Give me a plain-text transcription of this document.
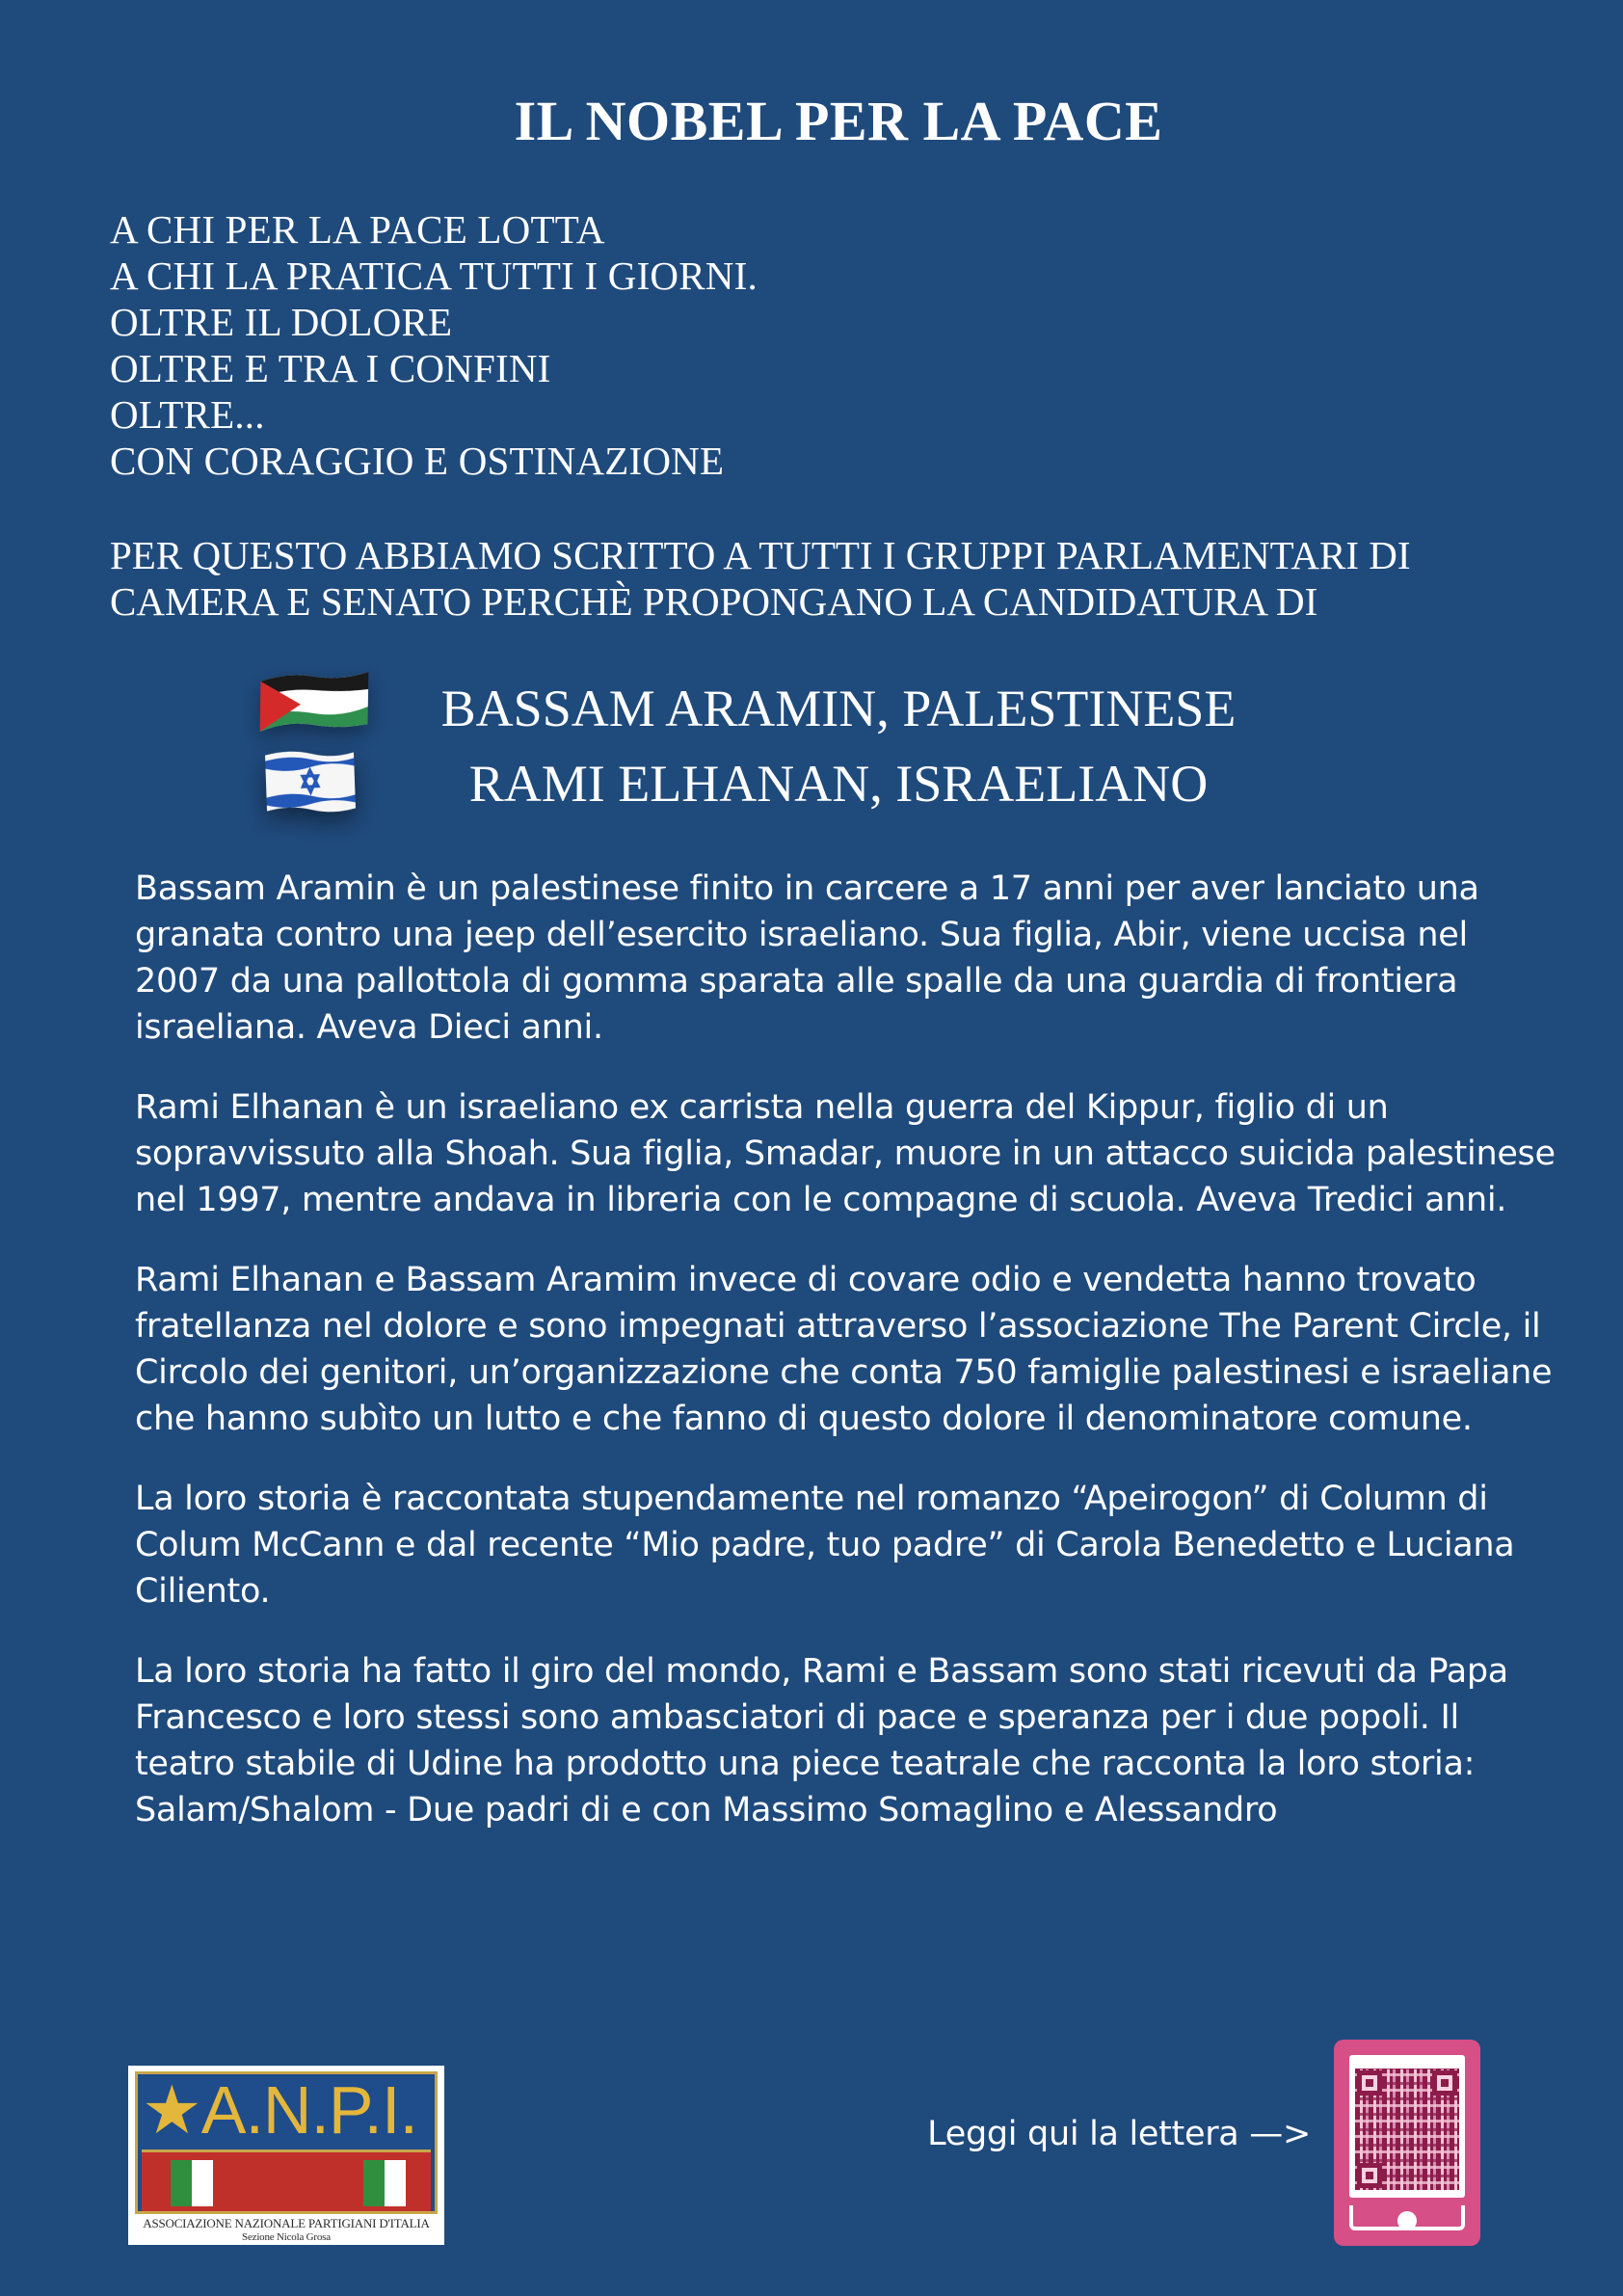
IL NOBEL PER LA PACE
A CHI PER LA PACE LOTTA
A CHI LA PRATICA TUTTI I GIORNI.
OLTRE IL DOLORE
OLTRE E TRA I CONFINI
OLTRE...
CON CORAGGIO E OSTINAZIONE
PER QUESTO ABBIAMO SCRITTO A TUTTI I GRUPPI PARLAMENTARI DI
CAMERA E SENATO PERCHÈ PROPONGANO LA CANDIDATURA DI
BASSAM ARAMIN, PALESTINESE
RAMI ELHANAN, ISRAELIANO

Bassam Aramin è un palestinese finito in carcere a 17 anni per aver lanciato una granata contro una jeep dell’esercito israeliano. Sua figlia, Abir, viene uccisa nel 2007 da una pallottola di gomma sparata alle spalle da una guardia di frontiera israeliana. Aveva Dieci anni.

Rami Elhanan è un israeliano ex carrista nella guerra del Kippur, figlio di un sopravvissuto alla Shoah. Sua figlia, Smadar, muore in un attacco suicida palestinese nel 1997, mentre andava in libreria con le compagne di scuola. Aveva Tredici anni.

Rami Elhanan e Bassam Aramim invece di covare odio e vendetta hanno trovato fratellanza nel dolore e sono impegnati attraverso l’associazione The Parent Circle, il Circolo dei genitori, un’organizzazione che conta 750 famiglie palestinesi e israeliane che hanno subìto un lutto e che fanno di questo dolore il denominatore comune.

La loro storia è raccontata stupendamente nel romanzo “Apeirogon” di Column di Colum McCann e dal recente “Mio padre, tuo padre” di Carola Benedetto e Luciana Ciliento.

La loro storia ha fatto il giro del mondo, Rami e Bassam sono stati ricevuti da Papa Francesco e loro stessi sono ambasciatori di pace e speranza per i due popoli. Il teatro stabile di Udine ha prodotto una piece teatrale che racconta la loro storia: Salam/Shalom - Due padri di e con Massimo Somaglino e Alessandro

★A.N.P.I.
ASSOCIAZIONE NAZIONALE PARTIGIANI D'ITALIA
Sezione Nicola Grosa
Leggi qui la lettera —>
